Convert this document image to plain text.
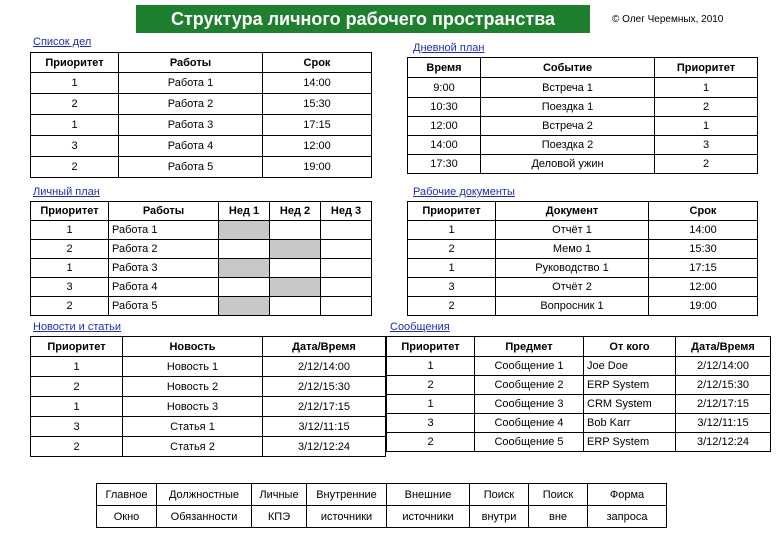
Структура личного рабочего пространства	© Олег Черемных, 2010
Список дел	Дневной план
Личный план	Рабочие документы
Новости и статьи	Сообщения
Приоритет	Работы	Срок
1	Работа 1	14:00
2	Работа 2	15:30
1	Работа 3	17:15
3	Работа 4	12:00
2	Работа 5	19:00
Время	Событие	Приоритет
9:00	Встреча 1	1
10:30	Поездка 1	2
12:00	Встреча 2	1
14:00	Поездка 2	3
17:30	Деловой ужин	2
Приоритет	Работы	Нед 1	Нед 2	Нед 3
1	Работа 1			
2	Работа 2			
1	Работа 3			
3	Работа 4			
2	Работа 5			
Приоритет	Документ	Срок
1	Отчёт 1	14:00
2	Мемо 1	15:30
1	Руководство 1	17:15
3	Отчёт 2	12:00
2	Вопросник 1	19:00
Приоритет	Новость	Дата/Время
1	Новость 1	2/12/14:00
2	Новость 2	2/12/15:30
1	Новость 3	2/12/17:15
3	Статья 1	3/12/11:15
2	Статья 2	3/12/12:24
Приоритет	Предмет	От кого	Дата/Время
1	Сообщение 1	Joe Doe	2/12/14:00
2	Сообщение 2	ERP System	2/12/15:30
1	Сообщение 3	CRM System	2/12/17:15
3	Сообщение 4	Bob Karr	3/12/11:15
2	Сообщение 5	ERP System	3/12/12:24
Главное	Должностные	Личные	Внутренние	Внешние	Поиск	Поиск	Форма
Окно	Обязанности	КПЭ	источники	источники	внутри	вне	запроса
